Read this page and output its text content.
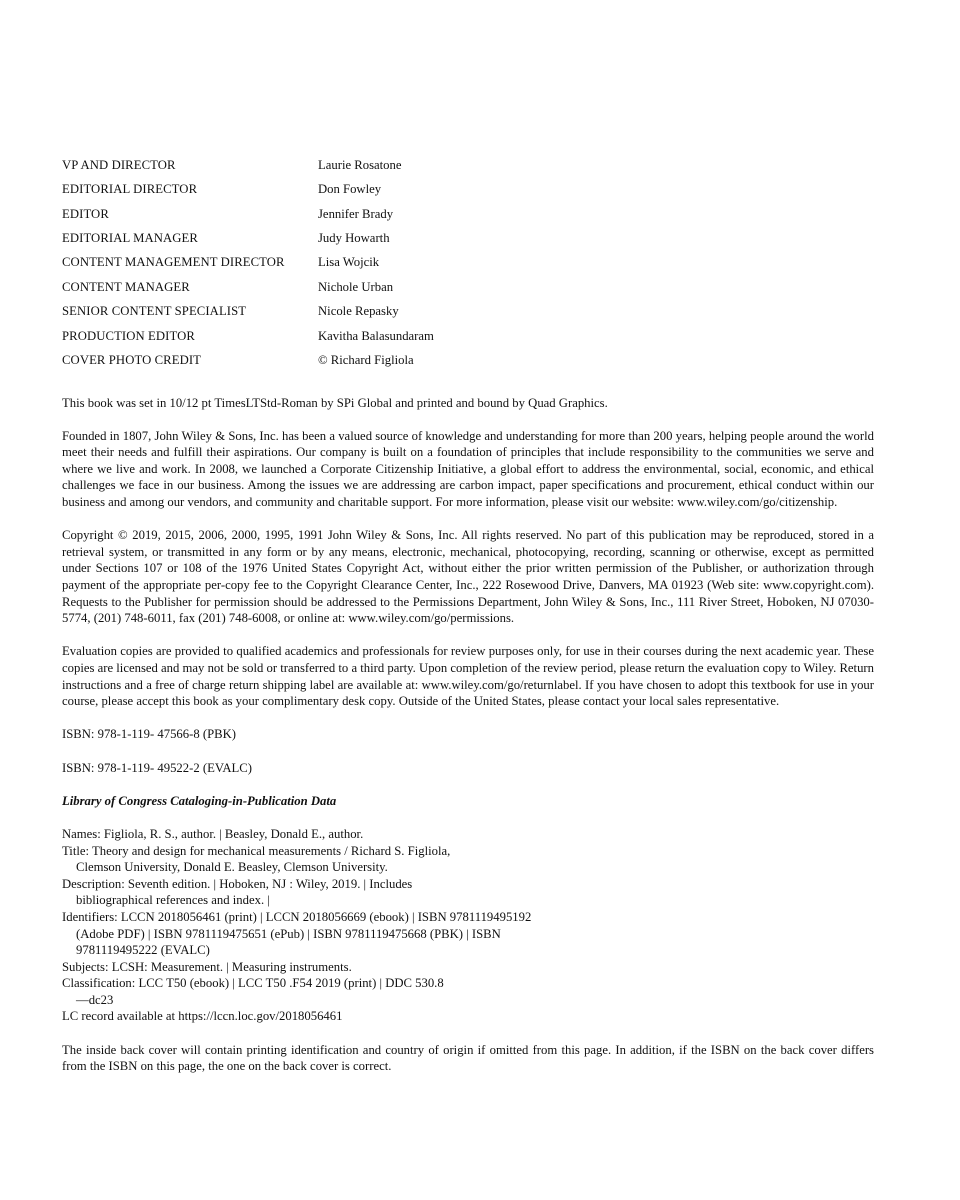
VP AND DIRECTOR	Laurie Rosatone
EDITORIAL DIRECTOR	Don Fowley
EDITOR	Jennifer Brady
EDITORIAL MANAGER	Judy Howarth
CONTENT MANAGEMENT DIRECTOR	Lisa Wojcik
CONTENT MANAGER	Nichole Urban
SENIOR CONTENT SPECIALIST	Nicole Repasky
PRODUCTION EDITOR	Kavitha Balasundaram
COVER PHOTO CREDIT	© Richard Figliola

This book was set in 10/12 pt TimesLTStd-Roman by SPi Global and printed and bound by Quad Graphics.

Founded in 1807, John Wiley & Sons, Inc. has been a valued source of knowledge and understanding for more than 200 years, helping people around the world meet their needs and fulfill their aspirations. Our company is built on a foundation of principles that include responsibility to the communities we serve and where we live and work. In 2008, we launched a Corporate Citizenship Initiative, a global effort to address the environmental, social, economic, and ethical challenges we face in our business. Among the issues we are addressing are carbon impact, paper specifications and procurement, ethical conduct within our business and among our vendors, and community and charitable support. For more information, please visit our website: www.wiley.com/go/citizenship.

Copyright © 2019, 2015, 2006, 2000, 1995, 1991 John Wiley & Sons, Inc. All rights reserved. No part of this publication may be reproduced, stored in a retrieval system, or transmitted in any form or by any means, electronic, mechanical, photocopying, recording, scanning or otherwise, except as permitted under Sections 107 or 108 of the 1976 United States Copyright Act, without either the prior written permission of the Publisher, or authorization through payment of the appropriate per-copy fee to the Copyright Clearance Center, Inc., 222 Rosewood Drive, Danvers, MA 01923 (Web site: www.copyright.com). Requests to the Publisher for permission should be addressed to the Permissions Department, John Wiley & Sons, Inc., 111 River Street, Hoboken, NJ 07030-5774, (201) 748-6011, fax (201) 748-6008, or online at: www.wiley.com/go/permissions.

Evaluation copies are provided to qualified academics and professionals for review purposes only, for use in their courses during the next academic year. These copies are licensed and may not be sold or transferred to a third party. Upon completion of the review period, please return the evaluation copy to Wiley. Return instructions and a free of charge return shipping label are available at: www.wiley.com/go/returnlabel. If you have chosen to adopt this textbook for use in your course, please accept this book as your complimentary desk copy. Outside of the United States, please contact your local sales representative.

ISBN: 978-1-119- 47566-8 (PBK)

ISBN: 978-1-119- 49522-2 (EVALC)

Library of Congress Cataloging-in-Publication Data

Names: Figliola, R. S., author. | Beasley, Donald E., author.

Title: Theory and design for mechanical measurements / Richard S. Figliola, Clemson University, Donald E. Beasley, Clemson University.

Description: Seventh edition. | Hoboken, NJ : Wiley, 2019. | Includes bibliographical references and index. |

Identifiers: LCCN 2018056461 (print) | LCCN 2018056669 (ebook) | ISBN 9781119495192 (Adobe PDF) | ISBN 9781119475651 (ePub) | ISBN 9781119475668 (PBK) | ISBN 9781119495222 (EVALC)

Subjects: LCSH: Measurement. | Measuring instruments.

Classification: LCC T50 (ebook) | LCC T50 .F54 2019 (print) | DDC 530.8—dc23

LC record available at https://lccn.loc.gov/2018056461

The inside back cover will contain printing identification and country of origin if omitted from this page. In addition, if the ISBN on the back cover differs from the ISBN on this page, the one on the back cover is correct.
